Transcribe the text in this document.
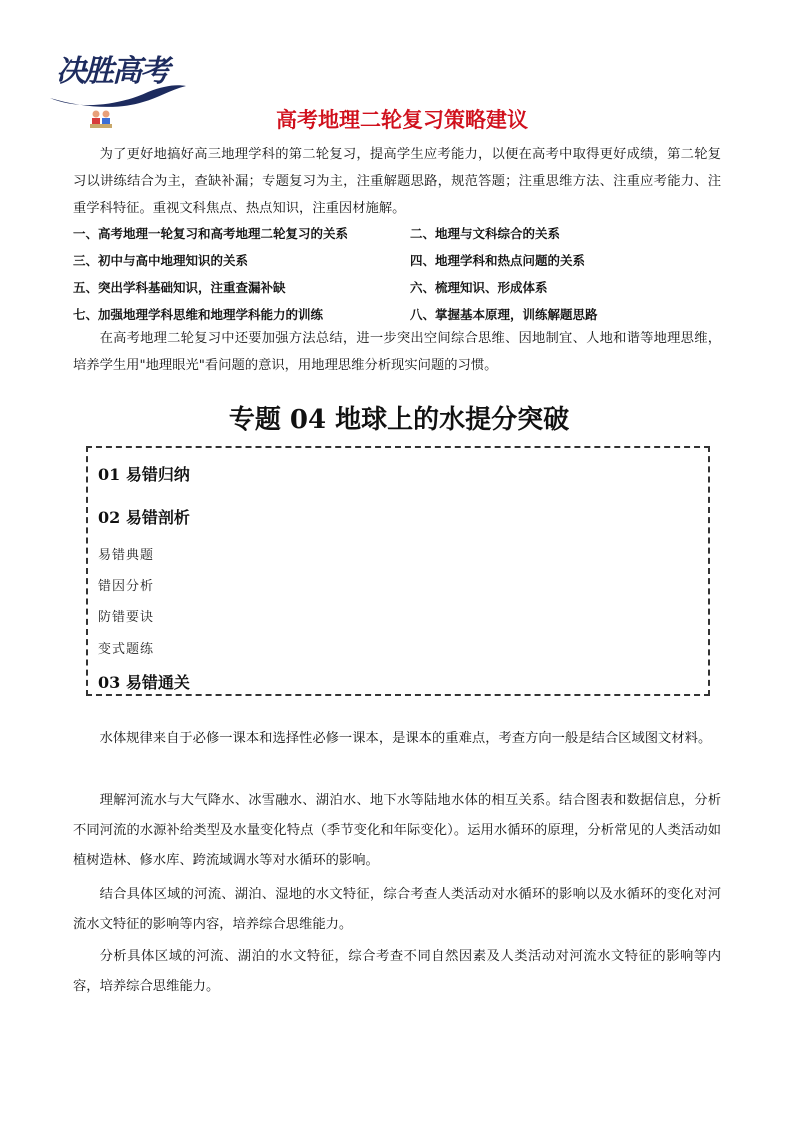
决胜高考
高考地理二轮复习策略建议
为了更好地搞好高三地理学科的第二轮复习，提高学生应考能力，以便在高考中取得更好成绩，第二轮复习以讲练结合为主，查缺补漏；专题复习为主，注重解题思路，规范答题；注重思维方法、注重应考能力、注重学科特征。重视文科焦点、热点知识，注重因材施解。
一、高考地理一轮复习和高考地理二轮复习的关系	二、地理与文科综合的关系
三、初中与高中地理知识的关系	四、地理学科和热点问题的关系
五、突出学科基础知识，注重查漏补缺	六、梳理知识、形成体系
七、加强地理学科思维和地理学科能力的训练	八、掌握基本原理，训练解题思路
在高考地理二轮复习中还要加强方法总结，进一步突出空间综合思维、因地制宜、人地和谐等地理思维，培养学生用"地理眼光"看问题的意识，用地理思维分析现实问题的习惯。
专题 04 地球上的水提分突破
01 易错归纳
02 易错剖析
易错典题
错因分析
防错要诀
变式题练
03 易错通关
水体规律来自于必修一课本和选择性必修一课本，是课本的重难点，考查方向一般是结合区域图文材料。
理解河流水与大气降水、冰雪融水、湖泊水、地下水等陆地水体的相互关系。结合图表和数据信息，分析不同河流的水源补给类型及水量变化特点（季节变化和年际变化）。运用水循环的原理，分析常见的人类活动如植树造林、修水库、跨流域调水等对水循环的影响。
结合具体区域的河流、湖泊、湿地的水文特征，综合考查人类活动对水循环的影响以及水循环的变化对河流水文特征的影响等内容，培养综合思维能力。
分析具体区域的河流、湖泊的水文特征，综合考查不同自然因素及人类活动对河流水文特征的影响等内容，培养综合思维能力。
